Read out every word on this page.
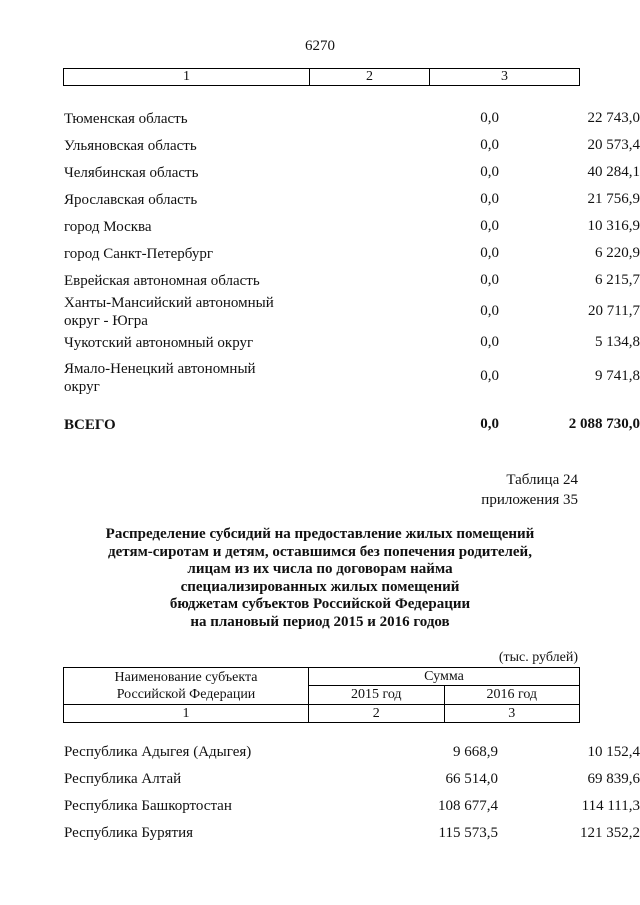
6270
1	2	3
Тюменская область	0,0	22 743,0
Ульяновская область	0,0	20 573,4
Челябинская область	0,0	40 284,1
Ярославская область	0,0	21 756,9
город Москва	0,0	10 316,9
город Санкт-Петербург	0,0	6 220,9
Еврейская автономная область	0,0	6 215,7
Ханты-Мансийский автономный
округ - Югра
0,0	20 711,7
Чукотский автономный округ	0,0	5 134,8
Ямало-Ненецкий автономный
округ
0,0	9 741,8
ВСЕГО	0,0	2 088 730,0
Таблица 24
приложения 35
Распределение субсидий на предоставление жилых помещений
детям-сиротам и детям, оставшимся без попечения родителей,
лицам из их числа по договорам найма
специализированных жилых помещений
бюджетам субъектов Российской Федерации
на плановый период 2015 и 2016 годов
(тыс. рублей)
Наименование субъекта
Российской Федерации
Сумма
2015 год	2016 год
1	2	3
Республика Адыгея (Адыгея)	9 668,9	10 152,4
Республика Алтай	66 514,0	69 839,6
Республика Башкортостан	108 677,4	114 111,3
Республика Бурятия	115 573,5	121 352,2
